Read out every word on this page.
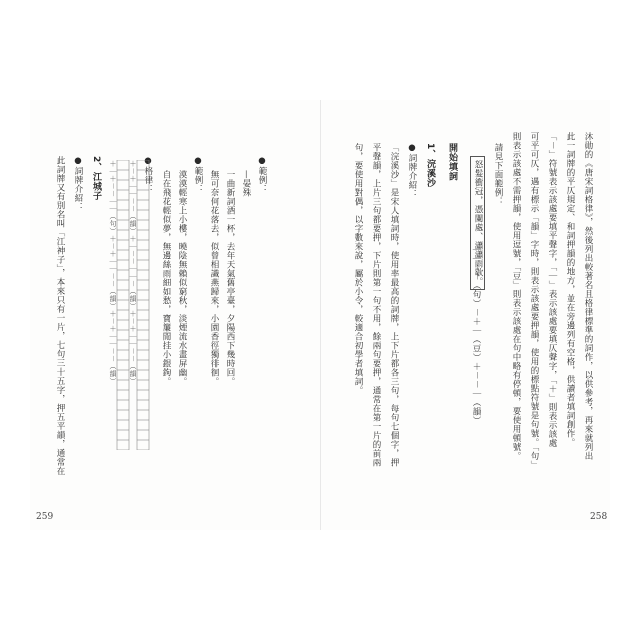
沐勛的《唐宋詞格律》，然後列出較著名且格律標準的詞作，以供參考，再來就列出
此一詞牌的平仄規定、和詞押韻的地方，並在旁邊列有空格，供讀者填詞創作。
「－」符號表示該處要填平聲字，「｜」表示該處要填仄聲字，「＋」則表示該處
可平可仄，遇有標示「韻」字時，則表示該處要押韻，使用的標點符號是句號。「句」
則表示該處不需押韻，使用逗號，「豆」則表示該處在句中略有停頓，要使用頓號。
請見下面範例：
怒髮衝冠，憑闌處、瀟瀟雨歇。
｜｜－－（句）－＋｜（豆）＋－－｜（韻）
開始填詞
1、浣溪沙
●詞牌介紹：
「浣溪沙」是宋人填詞時，使用率最高的詞牌，上下片都各三句，每句七個字，押
平聲韻，上片三句都要押，下片則第一句不用，餘兩句要押，通常在第一片的前兩
句，要使用對偶，以字數來說，屬於小令，較適合初學者填詞。
258
●範例：
—晏殊
一曲新詞酒一杯，去年天氣舊亭臺，夕陽西下幾時回。
無可奈何花落去，似曾相識燕歸來，小園香徑獨徘徊。
●範例：
漠漠輕寒上小樓，曉陰無賴似窮秋，淡煙流水畫屏幽。
自在飛花輕似夢，無邊絲雨細如愁，寶簾閒挂小銀鉤。
●格律：
＋－＋｜｜－－（韻）＋｜－－｜｜－（韻）＋－＋｜｜－－（韻）
＋｜＋－－｜｜（句）＋－＋｜｜－－（韻）＋－＋｜｜－－（韻）
2、江城子
●詞牌介紹：
此詞牌又有別名叫「江神子」，本來只有一片，七句三十五字，押五平韻，通常在
259
